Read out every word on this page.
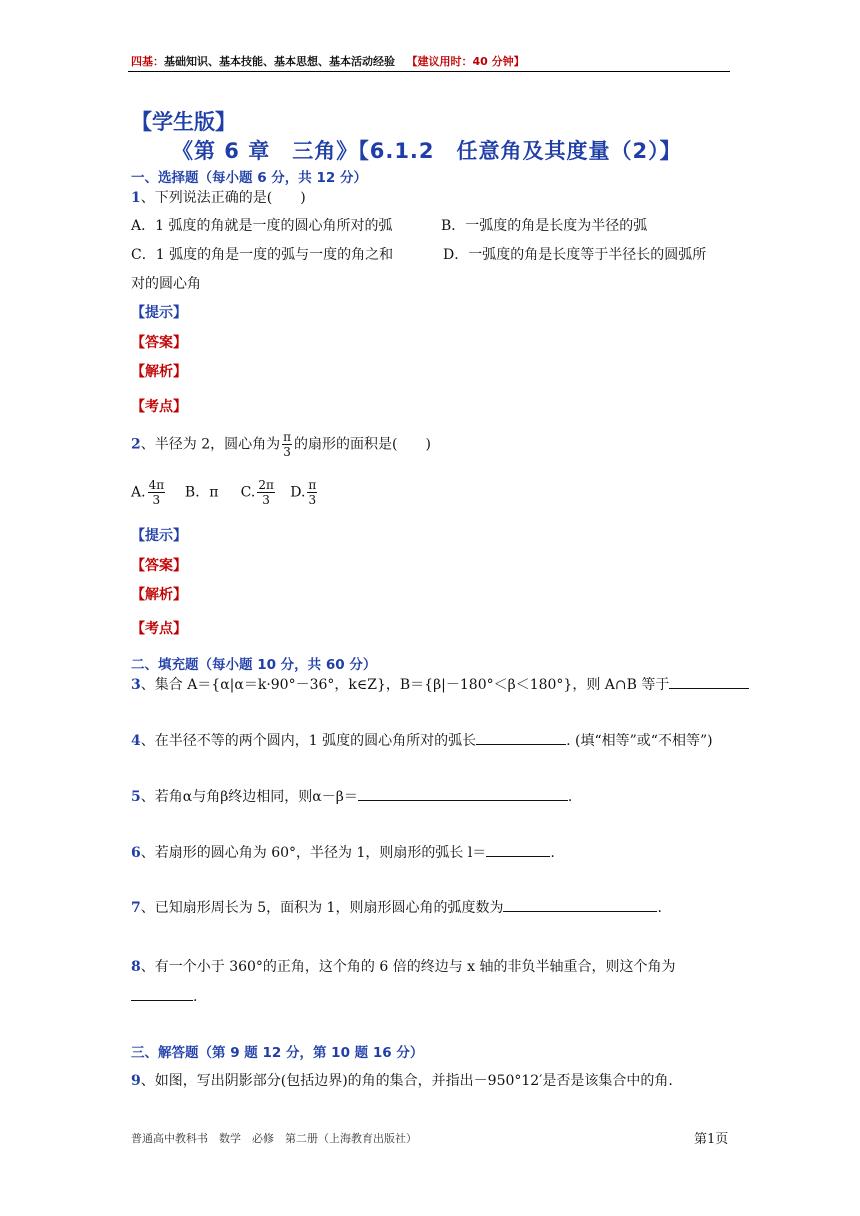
四基：基础知识、基本技能、基本思想、基本活动经验 【建议用时：40 分钟】
【学生版】
《第 6 章　三角》【6.1.2　任意角及其度量（2）】
一、选择题（每小题 6 分，共 12 分）
1、下列说法正确的是(　　)
A．1 弧度的角就是一度的圆心角所对的弧	B．一弧度的角是长度为半径的弧
C．1 弧度的角是一度的弧与一度的角之和	D．一弧度的角是长度等于半径长的圆弧所
对的圆心角
【提示】
【答案】
【解析】
【考点】
2、半径为 2，圆心角为 $\frac{\pi}{3}$ 的扇形的面积是(　　)
A. $\frac{4\pi}{3}$ B．π C. $\frac{2\pi}{3} D$. $\frac{\pi}{3}$
【提示】
【答案】
【解析】
【考点】
二、填充题（每小题 10 分，共 60 分）
3、集合 A＝{α|α＝k·90°－36°，k∈Z}，B＝{β|－180°＜β＜180°}，则 A∩B 等于
4、在半径不等的两个圆内，1 弧度的圆心角所对的弧长	. (填“相等”或“不相等”)
5、若角α与角β终边相同，则α－β＝	.
6、若扇形的圆心角为 60°，半径为 1，则扇形的弧长 l＝	.
7、已知扇形周长为 5，面积为 1，则扇形圆心角的弧度数为	.
8、有一个小于 360°的正角，这个角的 6 倍的终边与 x 轴的非负半轴重合，则这个角为
.
三、解答题（第 9 题 12 分，第 10 题 16 分）
9、如图，写出阴影部分(包括边界)的角的集合，并指出－950°12′是否是该集合中的角.
普通高中教科书　数学　必修　第二册（上海教育出版社）	第1页
